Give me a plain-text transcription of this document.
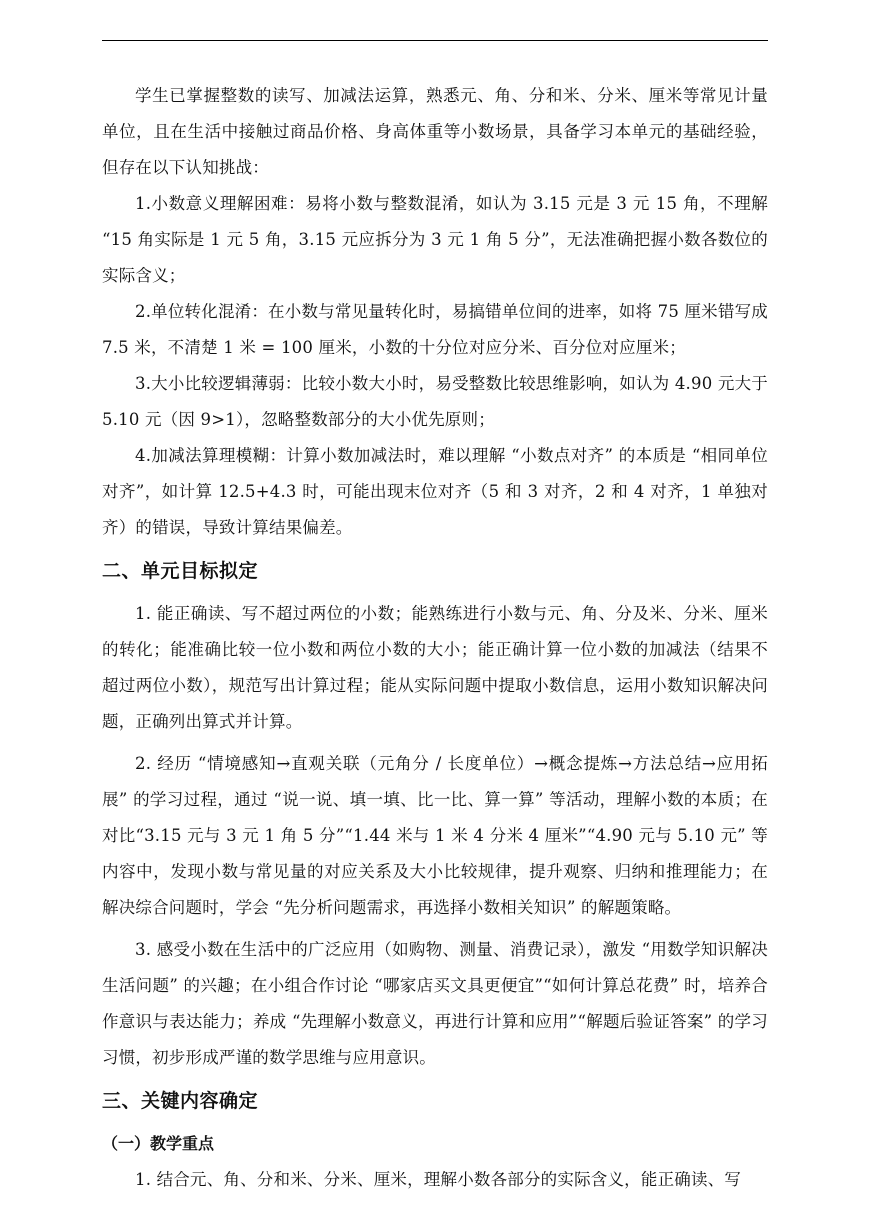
学生已掌握整数的读写、加减法运算，熟悉元、角、分和米、分米、厘米等常见计量单位，且在生活中接触过商品价格、身高体重等小数场景，具备学习本单元的基础经验，但存在以下认知挑战：

1.小数意义理解困难：易将小数与整数混淆，如认为 3.15 元是 3 元 15 角，不理解 “15 角实际是 1 元 5 角，3.15 元应拆分为 3 元 1 角 5 分”，无法准确把握小数各数位的实际含义；

2.单位转化混淆：在小数与常见量转化时，易搞错单位间的进率，如将 75 厘米错写成 7.5 米，不清楚 1 米 = 100 厘米，小数的十分位对应分米、百分位对应厘米；

3.大小比较逻辑薄弱：比较小数大小时，易受整数比较思维影响，如认为 4.90 元大于 5.10 元（因 9>1），忽略整数部分的大小优先原则；

4.加减法算理模糊：计算小数加减法时，难以理解 “小数点对齐” 的本质是 “相同单位对齐”，如计算 12.5+4.3 时，可能出现末位对齐（5 和 3 对齐，2 和 4 对齐，1 单独对齐）的错误，导致计算结果偏差。

二、单元目标拟定

1. 能正确读、写不超过两位的小数；能熟练进行小数与元、角、分及米、分米、厘米的转化；能准确比较一位小数和两位小数的大小；能正确计算一位小数的加减法（结果不超过两位小数），规范写出计算过程；能从实际问题中提取小数信息，运用小数知识解决问题，正确列出算式并计算。

2. 经历 “情境感知→直观关联（元角分 / 长度单位）→概念提炼→方法总结→应用拓展” 的学习过程，通过 “说一说、填一填、比一比、算一算” 等活动，理解小数的本质；在对比“3.15 元与 3 元 1 角 5 分”“1.44 米与 1 米 4 分米 4 厘米”“4.90 元与 5.10 元” 等内容中，发现小数与常见量的对应关系及大小比较规律，提升观察、归纳和推理能力；在解决综合问题时，学会 “先分析问题需求，再选择小数相关知识” 的解题策略。

3. 感受小数在生活中的广泛应用（如购物、测量、消费记录），激发 “用数学知识解决生活问题” 的兴趣；在小组合作讨论 “哪家店买文具更便宜”“如何计算总花费” 时，培养合作意识与表达能力；养成 “先理解小数意义，再进行计算和应用”“解题后验证答案” 的学习习惯，初步形成严谨的数学思维与应用意识。

三、关键内容确定
（一）教学重点

1. 结合元、角、分和米、分米、厘米，理解小数各部分的实际含义，能正确读、写
